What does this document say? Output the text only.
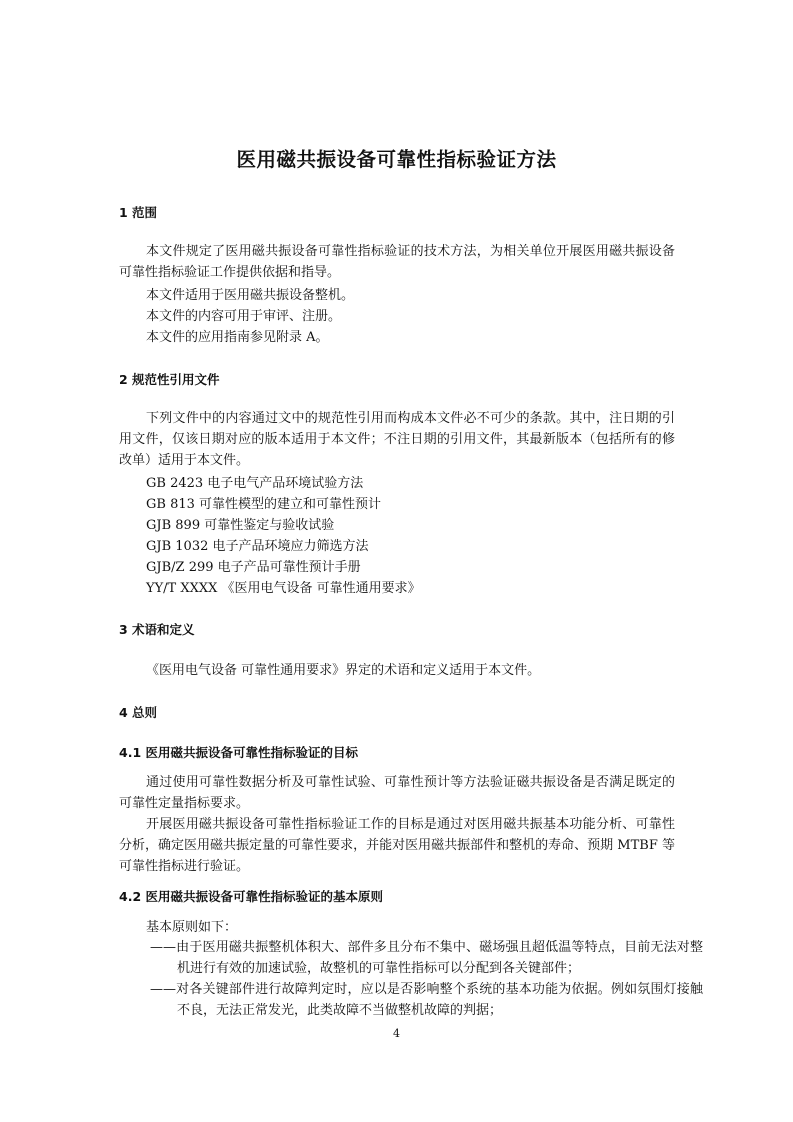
医用磁共振设备可靠性指标验证方法
1 范围
本文件规定了医用磁共振设备可靠性指标验证的技术方法，为相关单位开展医用磁共振设备可靠性指标验证工作提供依据和指导。
本文件适用于医用磁共振设备整机。
本文件的内容可用于审评、注册。
本文件的应用指南参见附录 A。
2 规范性引用文件
下列文件中的内容通过文中的规范性引用而构成本文件必不可少的条款。其中，注日期的引用文件，仅该日期对应的版本适用于本文件；不注日期的引用文件，其最新版本（包括所有的修改单）适用于本文件。
GB 2423 电子电气产品环境试验方法
GB 813 可靠性模型的建立和可靠性预计
GJB 899 可靠性鉴定与验收试验
GJB 1032 电子产品环境应力筛选方法
GJB/Z 299 电子产品可靠性预计手册
YY/T XXXX 《医用电气设备 可靠性通用要求》
3 术语和定义
《医用电气设备 可靠性通用要求》界定的术语和定义适用于本文件。
4 总则
4.1 医用磁共振设备可靠性指标验证的目标
通过使用可靠性数据分析及可靠性试验、可靠性预计等方法验证磁共振设备是否满足既定的可靠性定量指标要求。
开展医用磁共振设备可靠性指标验证工作的目标是通过对医用磁共振基本功能分析、可靠性分析，确定医用磁共振定量的可靠性要求，并能对医用磁共振部件和整机的寿命、预期 MTBF 等可靠性指标进行验证。
4.2 医用磁共振设备可靠性指标验证的基本原则
基本原则如下：
——由于医用磁共振整机体积大、部件多且分布不集中、磁场强且超低温等特点，目前无法对整机进行有效的加速试验，故整机的可靠性指标可以分配到各关键部件；
——对各关键部件进行故障判定时，应以是否影响整个系统的基本功能为依据。例如氛围灯接触不良，无法正常发光，此类故障不当做整机故障的判据；
4
